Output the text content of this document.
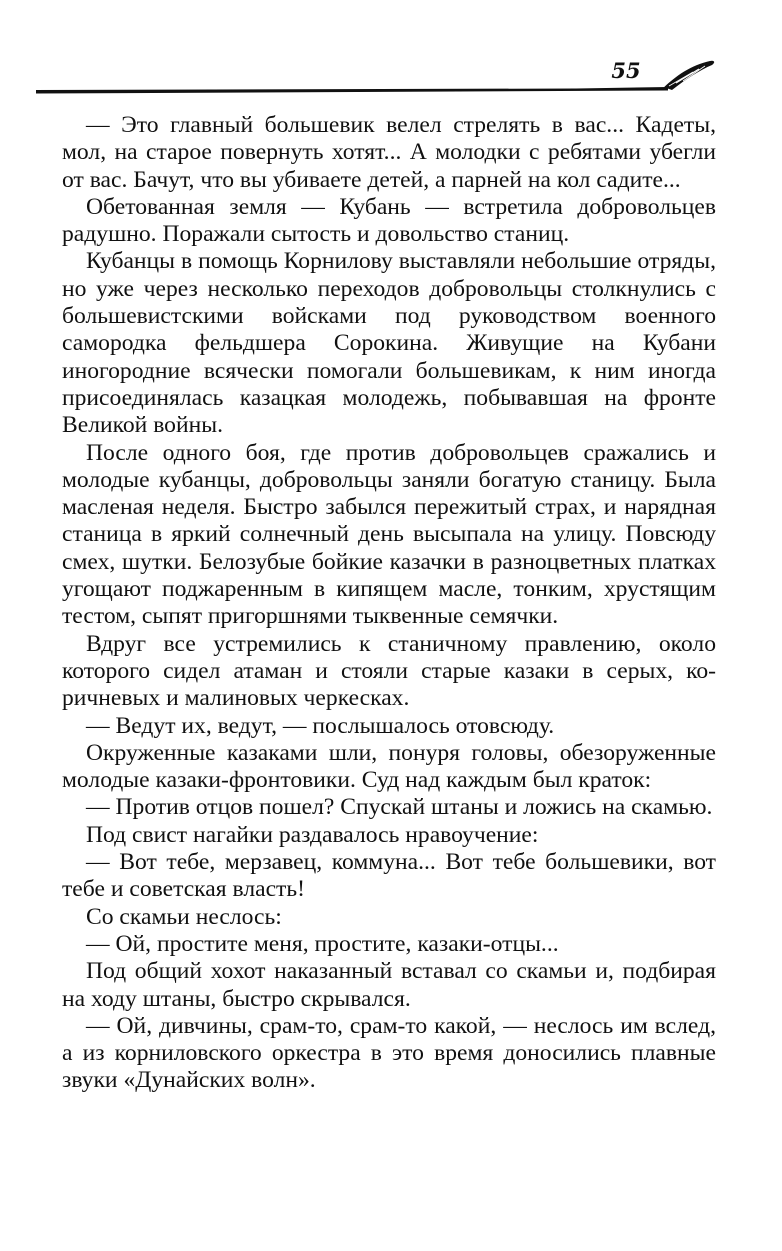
55

— Это главный большевик велел стрелять в вас... Кадеты, мол, на старое повернуть хотят... А молодки с ребятами убегли от вас. Бачут, что вы убиваете детей, а парней на кол садите...

Обетованная земля — Кубань — встретила добровольцев радушно. Поражали сытость и довольство станиц.

Кубанцы в помощь Корнилову выставляли небольшие отряды, но уже через несколько переходов добровольцы столкнулись с большевистскими войсками под руководством военного самородка фельдшера Сорокина. Живущие на Кубани иногородние всячески помогали большевикам, к ним иногда присоединялась казацкая молодежь, побывавшая на фронте Великой войны.

После одного боя, где против добровольцев сражались и молодые кубанцы, добровольцы заняли богатую станицу. Была масленая неделя. Быстро забылся пережитый страх, и нарядная станица в яркий солнечный день высыпала на улицу. Повсюду смех, шутки. Белозубые бойкие казачки в разноцветных платках угощают поджаренным в кипящем масле, тонким, хрустящим тестом, сыпят пригоршнями тыквенные семячки.

Вдруг все устремились к станичному правлению, около которого сидел атаман и стояли старые казаки в серых, коричневых и малиновых черкесках.

— Ведут их, ведут, — послышалось отовсюду.

Окруженные казаками шли, понуря головы, обезоруженные молодые казаки-фронтовики. Суд над каждым был краток:

— Против отцов пошел? Спускай штаны и ложись на скамью.

Под свист нагайки раздавалось нравоучение:

— Вот тебе, мерзавец, коммуна... Вот тебе большевики, вот тебе и советская власть!

Со скамьи неслось:

— Ой, простите меня, простите, казаки-отцы...

Под общий хохот наказанный вставал со скамьи и, подбирая на ходу штаны, быстро скрывался.

— Ой, дивчины, срам-то, срам-то какой, — неслось им вслед, а из корниловского оркестра в это время доносились плавные звуки «Дунайских волн».
